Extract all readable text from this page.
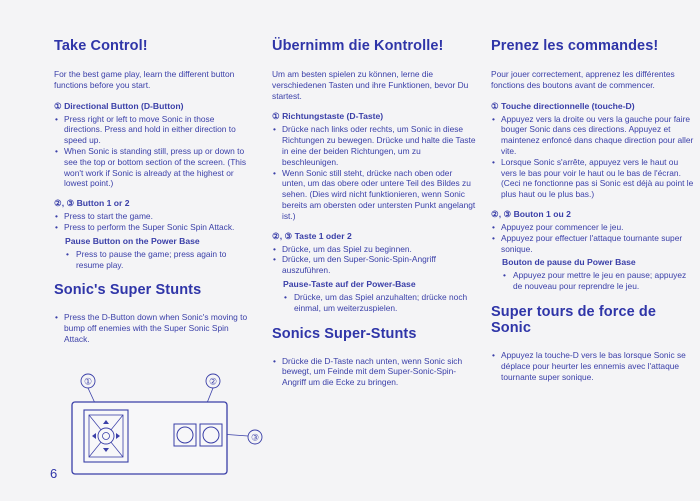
Take Control!

For the best game play, learn the different button functions before you start.

① Directional Button (D-Button)
• Press right or left to move Sonic in those directions. Press and hold in either direction to speed up.
• When Sonic is standing still, press up or down to see the top or bottom section of the screen. (This won't work if Sonic is already at the highest or lowest point.)
②, ③ Button 1 or 2
• Press to start the game.
• Press to perform the Super Sonic Spin Attack.
Pause Button on the Power Base
• Press to pause the game; press again to resume play.
Sonic's Super Stunts
• Press the D-Button down when Sonic's moving to bump off enemies with the Super Sonic Spin Attack.
Übernimm die Kontrolle!

Um am besten spielen zu können, lerne die verschiedenen Tasten und ihre Funktionen, bevor Du startest.

① Richtungstaste (D-Taste)
• Drücke nach links oder rechts, um Sonic in diese Richtungen zu bewegen. Drücke und halte die Taste in eine der beiden Richtungen, um zu beschleunigen.
• Wenn Sonic still steht, drücke nach oben oder unten, um das obere oder untere Teil des Bildes zu sehen. (Dies wird nicht funktionieren, wenn Sonic bereits am obersten oder untersten Punkt angelangt ist.)
②, ③ Taste 1 oder 2
• Drücke, um das Spiel zu beginnen.
• Drücke, um den Super-Sonic-Spin-Angriff auszuführen.
Pause-Taste auf der Power-Base
• Drücke, um das Spiel anzuhalten; drücke noch einmal, um weiterzuspielen.
Sonics Super-Stunts
• Drücke die D-Taste nach unten, wenn Sonic sich bewegt, um Feinde mit dem Super-Sonic-Spin-Angriff um die Ecke zu bringen.
Prenez les commandes!

Pour jouer correctement, apprenez les différentes fonctions des boutons avant de commencer.

① Touche directionnelle (touche-D)
• Appuyez vers la droite ou vers la gauche pour faire bouger Sonic dans ces directions. Appuyez et maintenez enfoncé dans chaque direction pour aller vite.
• Lorsque Sonic s'arrête, appuyez vers le haut ou vers le bas pour voir le haut ou le bas de l'écran. (Ceci ne fonctionne pas si Sonic est déjà au point le plus haut ou le plus bas.)
②, ③ Bouton 1 ou 2
• Appuyez pour commencer le jeu.
• Appuyez pour effectuer l'attaque tournante super sonique.
Bouton de pause du Power Base
• Appuyez pour mettre le jeu en pause; appuyez de nouveau pour reprendre le jeu.
Super tours de force de Sonic
• Appuyez la touche-D vers le bas lorsque Sonic se déplace pour heurter les ennemis avec l'attaque tournante super sonique.
①	②
③
6
